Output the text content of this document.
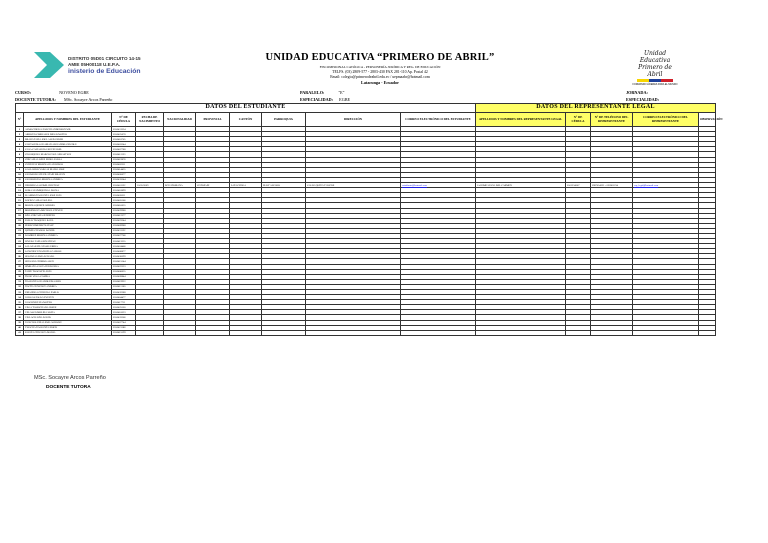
DISTRITO 05D01 CIRCUITO 14-15
AMIE 05H00118 U.E.P.A.
inisterio de Educación
UNIDAD EDUCATIVA “PRIMERO DE ABRIL”
FISCOMISIONAL CATÓLICA - PERSONERÍA JURÍDICA Y REG. DE EDUCACIÓN
TELFS. (03) 2809-577 - 2803-430 FAX 281-110 Ap. Postal 42
Email: colegio@primerodeabril.edu.ec / uepmaabr@hotmail.com
Latacunga - Ecuador
Unidad
Educativa
Primero de Abril
FORMANDO LÍDERES PARA EL MUNDO
CURSO:	NOVENO EGBE
DOCENTE TUTORA: MSc. Socayre Arcos Parreño
PARALELO:	"E"
ESPECIALIDAD: EGBE
JORNADA:
ESPECIALIDAD:
DATOS DEL ESTUDIANTE										DATOS DEL REPRESENTANTE LEGAL				
N°	APELLIDOS Y NOMBRES DEL ESTUDIANTE	N° DE CÉDULA	FECHA DE NACIMIENTO	NACIONALIDAD	PROVINCIA	CANTÓN	PARROQUIA	DIRECCIÓN	CORREO ELECTRÓNICO DEL ESTUDIANTE	APELLIDOS Y NOMBRES DEL REPRESENTANTE LEGAL	N° DE CÉDULA	N° DE TELÉFONO DEL REPRESENTANTE	CORREO ELECTRÓNICO DEL REPRESENTANTE	OBSERVACIÓN
1	ALMACHIGUA PANCHI ANDERSON WIL	0550431234												
2	ARROYO CORRALES DIEGO MATEO	0550425678												
3	BRAVO TAPIA JOEL ALEXANDER	0550418765												
4	CAIZALUISA GUAMAN ALEJANDRA NICOLE	0550403344												
5	CASA CAIZALUISA KEVIN JOEL	0550407788												
6	CHASIQUIZA MARCO PAUL SEBASTIAN	0550411223												
7	CHICAIZA LOPEZ ERIKA PAOLA	0550419876												
8	CUNUHAY MOLINA JUAN DIEGO	0550402211												
9	GALLARDO VARGAS MARIA JOSE	0550414455												
10	GUAMANGATE PILATAXI BRAYAN	0550426677												
11	GUANOLUISA MOLINA ANDREA	0550433344												
12	HERRERA JACOME CRISTIAN	0550401122	10/05/2009	ECUATORIANA	COTOPAXI	LATACUNGA	ELOY ALFARO	CALLE QUITO Y SUCRE	estudiante@hotmail.com	JACOME LUCIA DEL CARMEN	0501234567	0987654321 - 032801234	rep_legal@hotmail.com	
13	LEMA LLUMIQUINGA DIANA	0550418899												
14	LLAMBO TOAPANTA JOSE LUIS	0550420011												
15	LOPEZ CAIZA PAULINA	0550405566												
16	MOLINA QUISPE ANDRES	0550416655												
17	MORENO IZA MICHAEL STEVEN	0550429988												
18	OÑA CHICAIZA JENNIFER	0550412277												
19	PALLO TOAQUIZA RAUL	0550423344												
20	PEREZ JIMENEZ NATALY	0550409988												
21	QUISPE CHANGO DANIEL	0550431122												
22	RAMIREZ MOLINA ANDREA	0550427766												
23	RIVERA TAPIA JONATHAN	0550413355												
24	SALAZAR PILATASIG ERIKA	0550424466												
25	SANCHEZ UNAPUCHA CARLOS	0550408877												
26	SEGOVIA LEMA DAYANA	0550430099												
27	SHUGULI CHIMBO ALEX	0550415544												
28	SIMBAÑA CAIZA FERNANDA	0550422233												
29	TAIPE TOAPANTA LUIS	0550406655												
30	TIGSE VEGA CAMILA	0550428844												
31	TOAPANTA GUANOLUISA JOEL	0550419922												
32	TOCTE CUNUHAY ANDREA	0550411100												
33	UMAJINGA CHILUISA PABLO	0550432288												
34	VARGAS PALLO EVELYN	0550404477												
35	VASCONEZ IZA MATEO	0550417711												
36	VEGA TASIGCHANA JOSUE	0550425500												
37	VELASCO MOLINA SOFIA	0550410033												
38	VILLACIS OÑA DAVID	0550433366												
39	YANCHALUIZA LEMA ALISSON	0550407744												
40	YUGCHA TOAPANTA ERICK	0550421188												
41	ZAPATA CHICAIZA MARIA	0550415599												
MSc. Socayre Arcos Parreño
DOCENTE TUTORA
